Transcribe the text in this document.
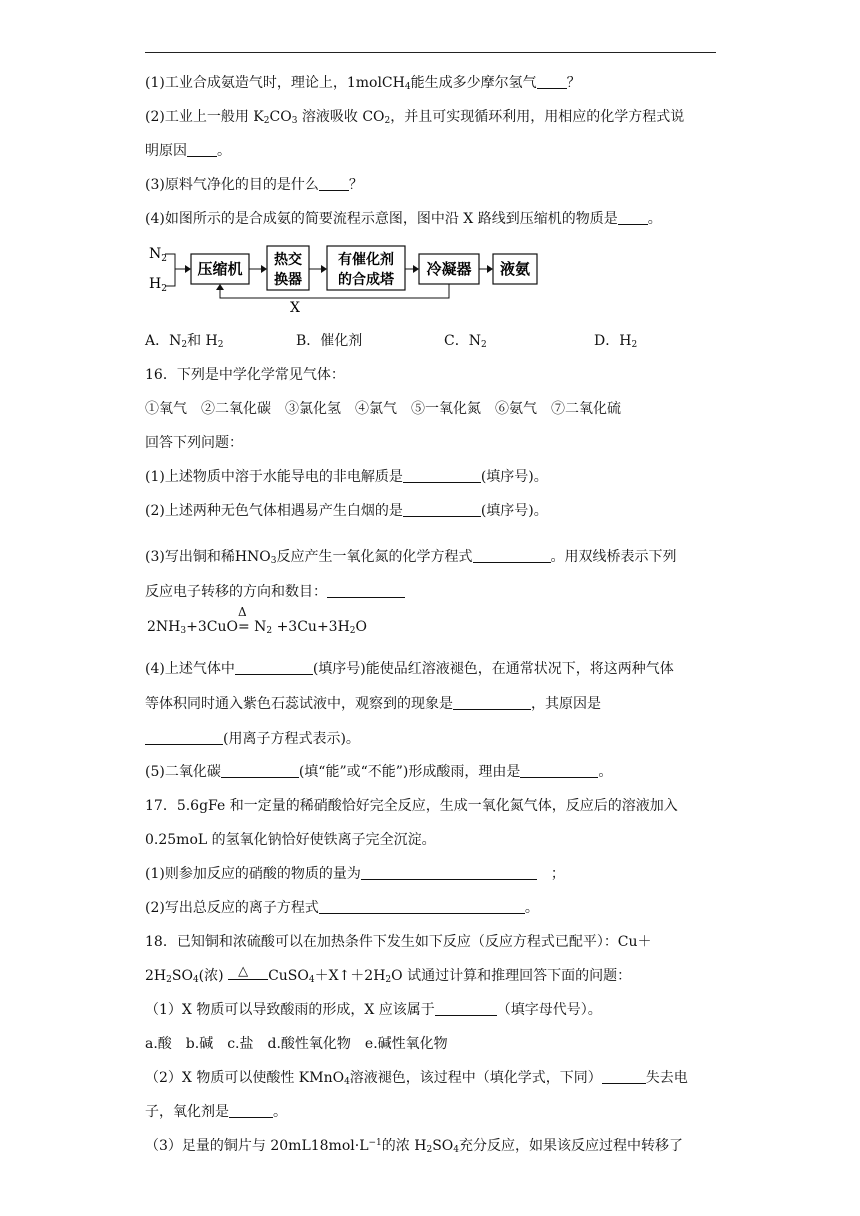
(1)工业合成氨造气时，理论上，1molCH$_4$能生成多少摩尔氢气 ？
(2)工业上一般用 $K_2CO_3$ 溶液吸收 $CO_2$，并且可实现循环利用，用相应的化学方程式说
明原因 。
(3)原料气净化的目的是什么 ？
(4)如图所示的是合成氨的简要流程示意图，图中沿 X 路线到压缩机的物质是 。
$N_2$
$H_2$
压缩机 热交
换器
有催化剂
的合成塔
冷凝器 液氨
X
A．$N_2$和 $H_2$	B．催化剂	C．$N_2$	D．$H_2$
16．下列是中学化学常见气体：
①氧气　②二氧化碳　③氯化氢　④氯气　⑤一氧化氮　⑥氨气　⑦二氧化硫
回答下列问题：
(1)上述物质中溶于水能导电的非电解质是	(填序号)。
(2)上述两种无色气体相遇易产生白烟的是	(填序号)。
(3)写出铜和稀$HNO_3$反应产生一氧化氮的化学方程式	。用双线桥表示下列
反应电子转移的方向和数目：
$2NH_3+3CuO$
Δ
= $N_2 +3Cu+3H_2O$
(4)上述气体中	(填序号)能使品红溶液褪色，在通常状况下，将这两种气体
等体积同时通入紫色石蕊试液中，观察到的现象是	，其原因是
(用离子方程式表示)。
(5)二氧化碳	(填“能”或“不能”)形成酸雨，理由是	。
17．5.6gFe 和一定量的稀硝酸恰好完全反应，生成一氧化氮气体，反应后的溶液加入
0.25moL 的氢氧化钠恰好使铁离子完全沉淀。
(1)则参加反应的硝酸的物质的量为	　；
(2)写出总反应的离子方程式	。
18．已知铜和浓硫酸可以在加热条件下发生如下反应（反应方程式已配平）：Cu＋
$2H_2SO_4$(浓) △ $CuSO_4+X↑+2H_2O$ 试通过计算和推理回答下面的问题：
（1）X 物质可以导致酸雨的形成，X 应该属于	（填字母代号）。
a.酸　b.碱　c.盐　d.酸性氧化物　e.碱性氧化物
（2）X 物质可以使酸性 KMnO$_4$溶液褪色，该过程中（填化学式，下同）	失去电
子，氧化剂是	。
（3）足量的铜片与 $20mL18mol\cdot L^{-1}$的浓 $H_2SO_4$充分反应，如果该反应过程中转移了
